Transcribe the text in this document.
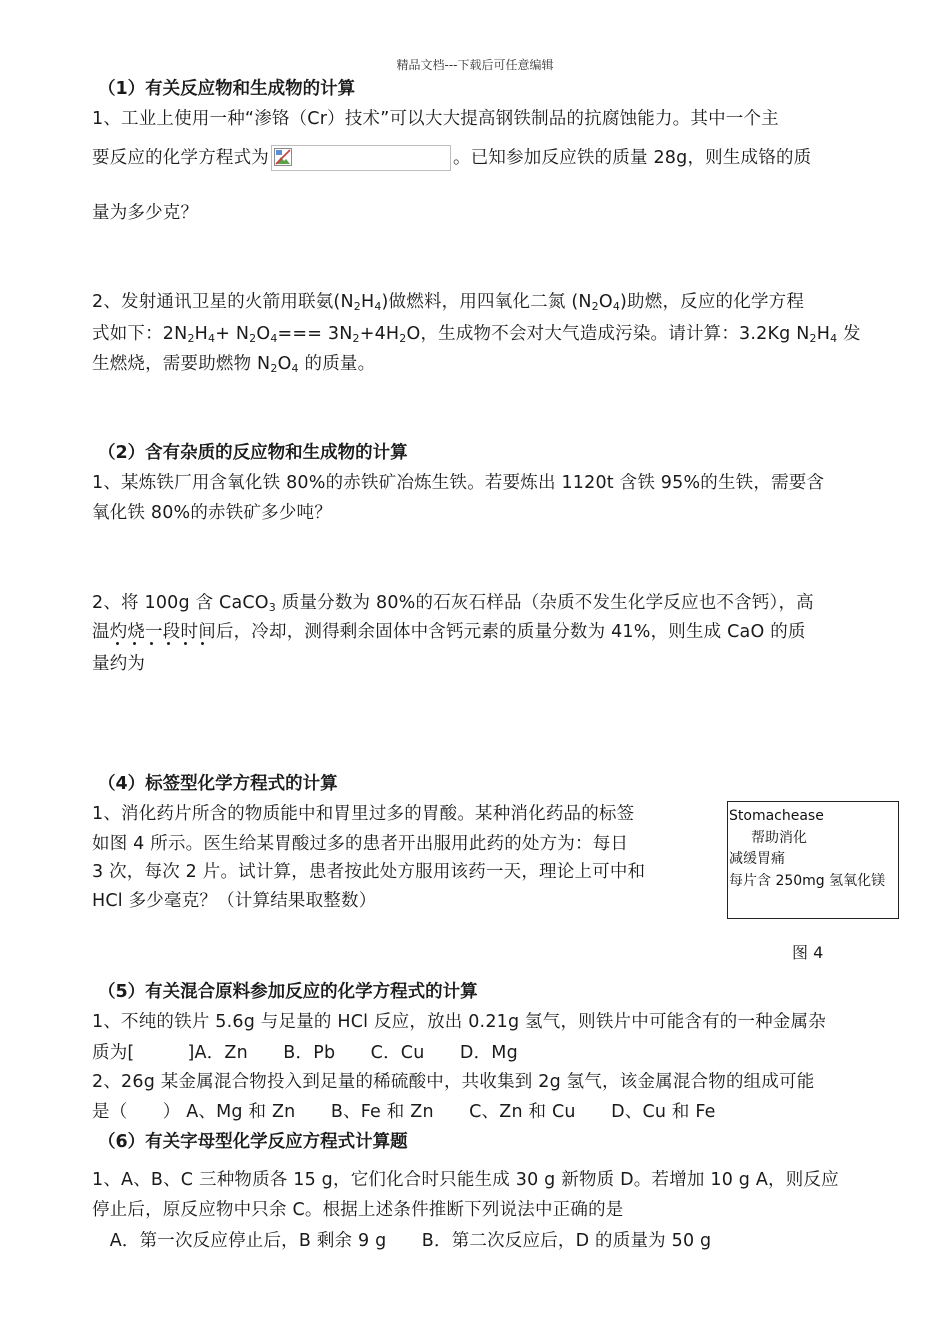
精品文档---下载后可任意编辑
（1）有关反应物和生成物的计算
1、工业上使用一种“渗铬（Cr）技术”可以大大提高钢铁制品的抗腐蚀能力。其中一个主
要反应的化学方程式为	。已知参加反应铁的质量 28g，则生成铬的质
量为多少克？
2、发射通讯卫星的火箭用联氨$(N_2H_4)$做燃料，用四氧化二氮 $(N_2O_4)$助燃，反应的化学方程
式如下：$2N_2H_4+ N_2O_4=== 3N_2+4H_2O$，生成物不会对大气造成污染。请计算：3.2Kg $N_2H_4$ 发
生燃烧，需要助燃物 $N_2O_4$ 的质量。
（2）含有杂质的反应物和生成物的计算
1、某炼铁厂用含氧化铁 80%的赤铁矿冶炼生铁。若要炼出 1120t 含铁 95%的生铁，需要含
氧化铁 80%的赤铁矿多少吨？
2、将 100g 含 CaCO$_3$ 质量分数为 80%的石灰石样品（杂质不发生化学反应也不含钙），高
温灼烧一段时间
后，冷却，测得剩余固体中含钙元素的质量分数为 41%，则生成 CaO 的质
量约为
（4）标签型化学方程式的计算
1、消化药片所含的物质能中和胃里过多的胃酸。某种消化药品的标签
如图 4 所示。医生给某胃酸过多的患者开出服用此药的处方为：每日
3 次，每次 2 片。试计算，患者按此处方服用该药一天，理论上可中和
HCl 多少毫克？（计算结果取整数）
Stomachease
帮助消化
减缓胃痛
每片含 250mg 氢氧化镁
图 4
（5）有关混合原料参加反应的化学方程式的计算
1、不纯的铁片 5.6g 与足量的 HCl 反应，放出 0.21g 氢气，则铁片中可能含有的一种金属杂
质为[　　　]A．Zn　　B．Pb　　C．Cu　　D．Mg
2、26g 某金属混合物投入到足量的稀硫酸中，共收集到 2g 氢气，该金属混合物的组成可能
是（　　） A、Mg 和 Zn　　B、Fe 和 Zn　　C、Zn 和 Cu　　D、Cu 和 Fe
（6）有关字母型化学反应方程式计算题
1、A、B、C 三种物质各 15 g，它们化合时只能生成 30 g 新物质 D。若增加 10 g A，则反应
停止后，原反应物中只余 C。根据上述条件推断下列说法中正确的是
　A．第一次反应停止后，B 剩余 9 g　　B．第二次反应后，D 的质量为 50 g
